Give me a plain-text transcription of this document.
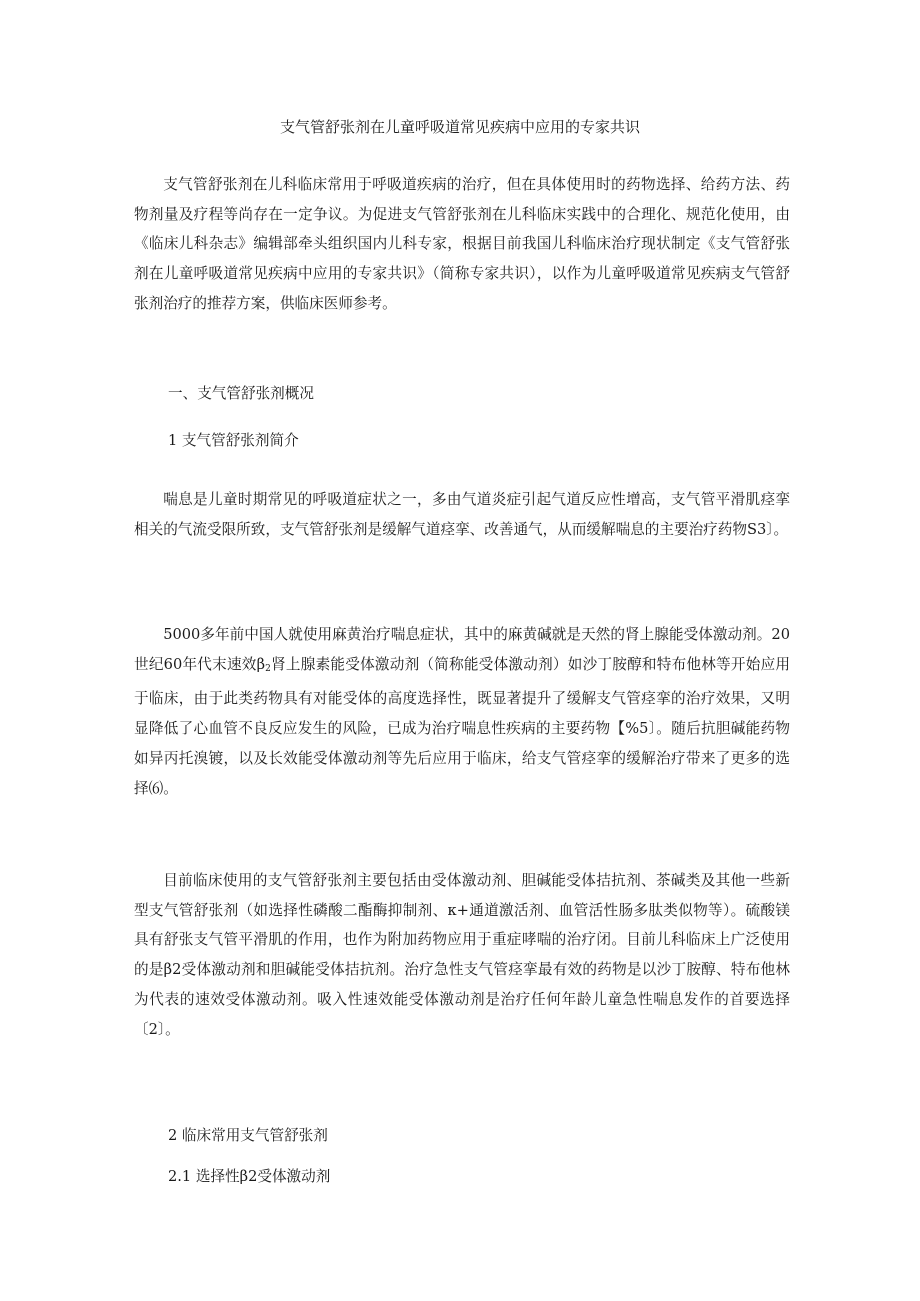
支气管舒张剂在儿童呼吸道常见疾病中应用的专家共识

支气管舒张剂在儿科临床常用于呼吸道疾病的治疗，但在具体使用时的药物选择、给药方法、药物剂量及疗程等尚存在一定争议。为促进支气管舒张剂在儿科临床实践中的合理化、规范化使用，由《临床儿科杂志》编辑部牵头组织国内儿科专家，根据目前我国儿科临床治疗现状制定《支气管舒张剂在儿童呼吸道常见疾病中应用的专家共识》（简称专家共识），以作为儿童呼吸道常见疾病支气管舒张剂治疗的推荐方案，供临床医师参考。

一、支气管舒张剂概况

1 支气管舒张剂简介

喘息是儿童时期常见的呼吸道症状之一，多由气道炎症引起气道反应性增高，支气管平滑肌痉挛相关的气流受限所致，支气管舒张剂是缓解气道痉挛、改善通气，从而缓解喘息的主要治疗药物S3〕。

5000多年前中国人就使用麻黄治疗喘息症状，其中的麻黄碱就是天然的肾上腺能受体激动剂。20世纪60年代末速效$\beta_2$肾上腺素能受体激动剂（简称能受体激动剂）如沙丁胺醇和特布他林等开始应用于临床，由于此类药物具有对能受体的高度选择性，既显著提升了缓解支气管痉挛的治疗效果，又明显降低了心血管不良反应发生的风险，已成为治疗喘息性疾病的主要药物【%5〕。随后抗胆碱能药物如异丙托溴镀，以及长效能受体激动剂等先后应用于临床，给支气管痉挛的缓解治疗带来了更多的选择⑹。

目前临床使用的支气管舒张剂主要包括由受体激动剂、胆碱能受体拮抗剂、茶碱类及其他一些新型支气管舒张剂（如选择性磷酸二酯酶抑制剂、κ+通道激活剂、血管活性肠多肽类似物等）。硫酸镁具有舒张支气管平滑肌的作用，也作为附加药物应用于重症哮喘的治疗闭。目前儿科临床上广泛使用的是β2受体激动剂和胆碱能受体拮抗剂。治疗急性支气管痉挛最有效的药物是以沙丁胺醇、特布他林为代表的速效受体激动剂。吸入性速效能受体激动剂是治疗任何年龄儿童急性喘息发作的首要选择〔2〕。

2 临床常用支气管舒张剂

2.1 选择性β2受体激动剂
